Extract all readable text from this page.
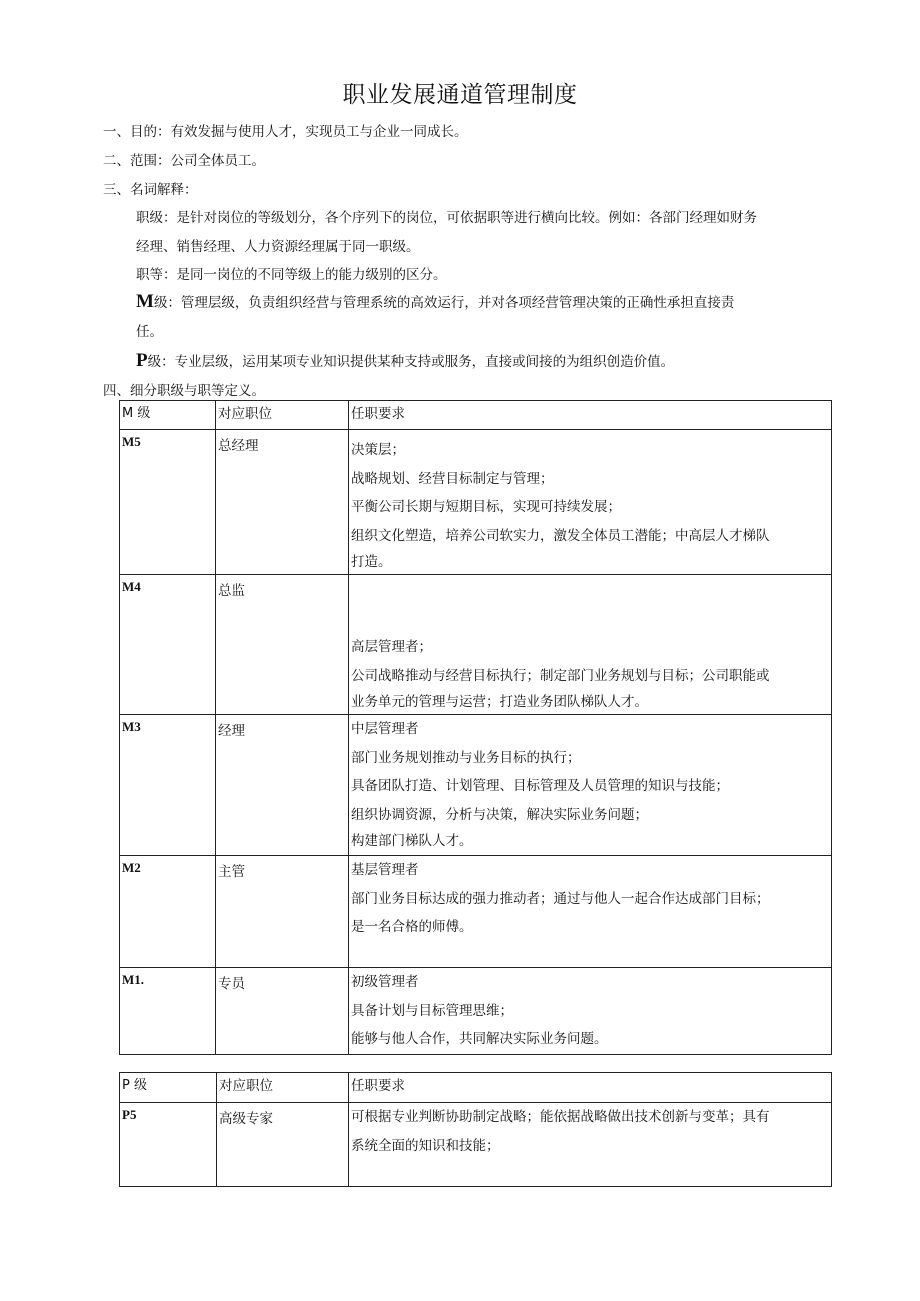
职业发展通道管理制度
一、目的：有效发掘与使用人才，实现员工与企业一同成长。
二、范围：公司全体员工。
三、名词解释：
职级：是针对岗位的等级划分，各个序列下的岗位，可依据职等进行横向比较。例如：各部门经理如财务
经理、销售经理、人力资源经理属于同一职级。
职等：是同一岗位的不同等级上的能力级别的区分。
M级：管理层级，负责组织经营与管理系统的高效运行，并对各项经营管理决策的正确性承担直接责
任。
P级：专业层级，运用某项专业知识提供某种支持或服务，直接或间接的为组织创造价值。
四、细分职级与职等定义。
M 级	对应职位	任职要求
M5	总经理	决策层；
战略规划、经营目标制定与管理；
平衡公司长期与短期目标，实现可持续发展；
组织文化塑造，培养公司软实力，激发全体员工潜能；中高层人才梯队
打造。

M4	总监	高层管理者；
公司战略推动与经营目标执行；制定部门业务规划与目标；公司职能或
业务单元的管理与运营；打造业务团队梯队人才。

M3	经理	中层管理者
部门业务规划推动与业务目标的执行；
具备团队打造、计划管理、目标管理及人员管理的知识与技能；
组织协调资源，分析与决策，解决实际业务问题；
构建部门梯队人才。

M2	主管	基层管理者
部门业务目标达成的强力推动者；通过与他人一起合作达成部门目标；
是一名合格的师傅。

M1.	专员	初级管理者
具备计划与目标管理思维；
能够与他人合作，共同解决实际业务问题。
P 级	对应职位	任职要求
P5	高级专家	可根据专业判断协助制定战略；能依据战略做出技术创新与变革；具有
系统全面的知识和技能；
